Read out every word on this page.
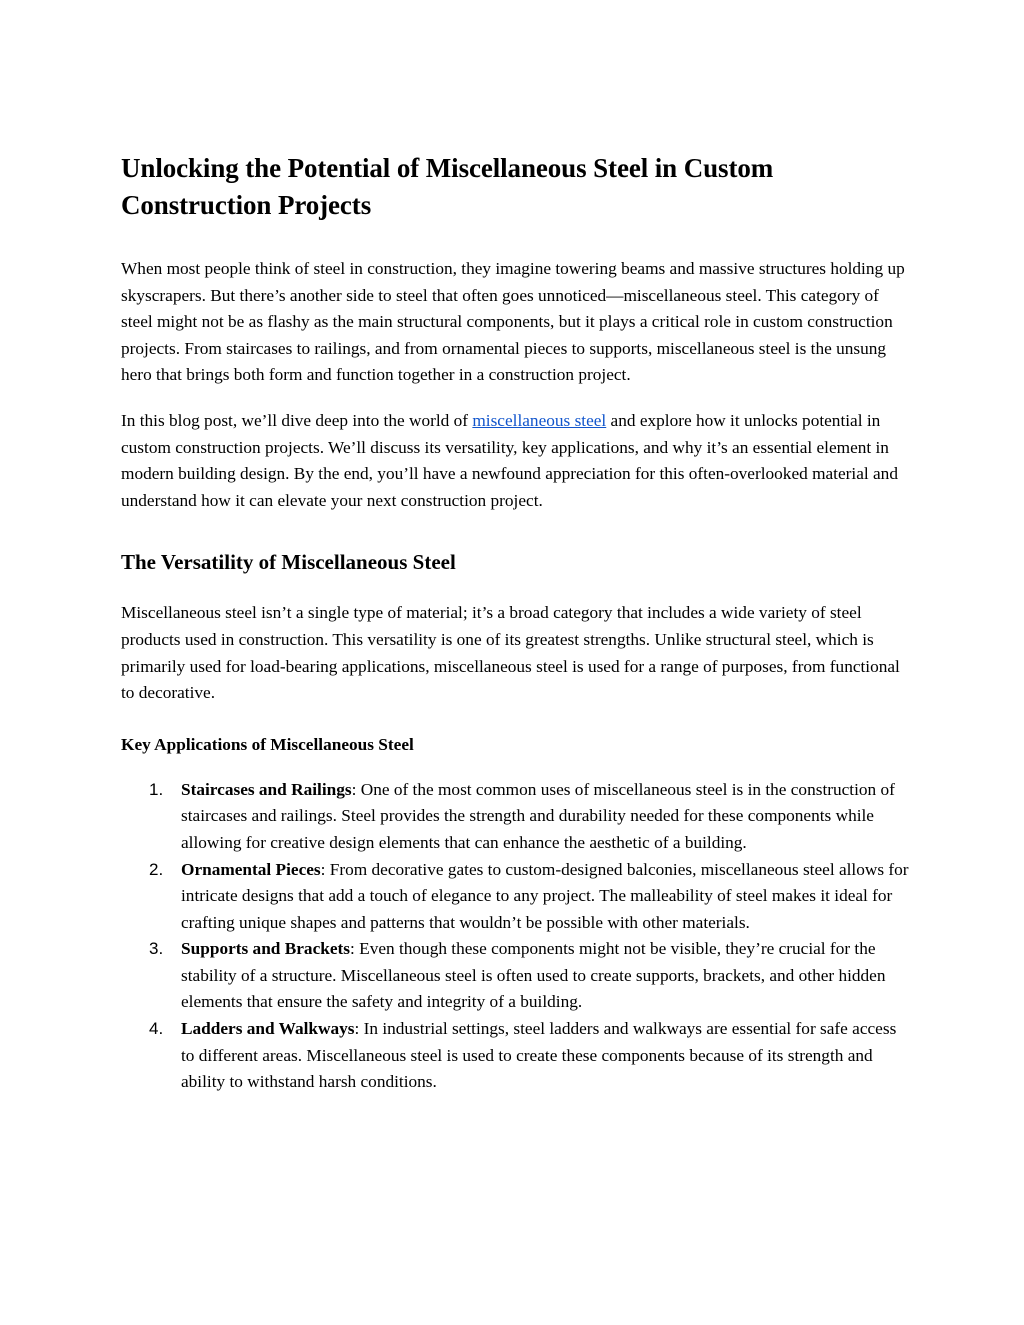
Unlocking the Potential of Miscellaneous Steel in Custom Construction Projects

When most people think of steel in construction, they imagine towering beams and massive structures holding up skyscrapers. But there’s another side to steel that often goes unnoticed—miscellaneous steel. This category of steel might not be as flashy as the main structural components, but it plays a critical role in custom construction projects. From staircases to railings, and from ornamental pieces to supports, miscellaneous steel is the unsung hero that brings both form and function together in a construction project.

In this blog post, we’ll dive deep into the world of miscellaneous steel and explore how it unlocks potential in custom construction projects. We’ll discuss its versatility, key applications, and why it’s an essential element in modern building design. By the end, you’ll have a newfound appreciation for this often-overlooked material and understand how it can elevate your next construction project.

The Versatility of Miscellaneous Steel

Miscellaneous steel isn’t a single type of material; it’s a broad category that includes a wide variety of steel products used in construction. This versatility is one of its greatest strengths. Unlike structural steel, which is primarily used for load-bearing applications, miscellaneous steel is used for a range of purposes, from functional to decorative.

Key Applications of Miscellaneous Steel
1. Staircases and Railings: One of the most common uses of miscellaneous steel is in the construction of staircases and railings. Steel provides the strength and durability needed for these components while allowing for creative design elements that can enhance the aesthetic of a building.
2. Ornamental Pieces: From decorative gates to custom-designed balconies, miscellaneous steel allows for intricate designs that add a touch of elegance to any project. The malleability of steel makes it ideal for crafting unique shapes and patterns that wouldn’t be possible with other materials.
3. Supports and Brackets: Even though these components might not be visible, they’re crucial for the stability of a structure. Miscellaneous steel is often used to create supports, brackets, and other hidden elements that ensure the safety and integrity of a building.
4. Ladders and Walkways: In industrial settings, steel ladders and walkways are essential for safe access to different areas. Miscellaneous steel is used to create these components because of its strength and ability to withstand harsh conditions.
